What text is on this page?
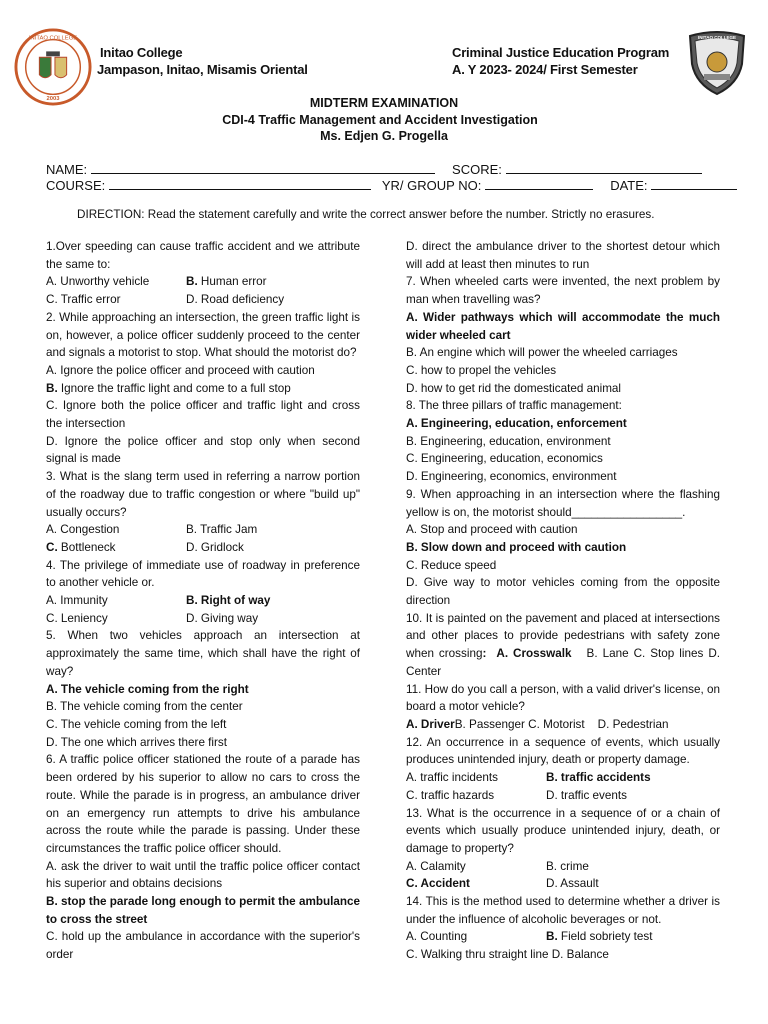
INITAO COLLEGE
2003
INITAO COLLEGE
Initao College
Jampason, Initao, Misamis Oriental
Criminal Justice Education Program
A. Y 2023- 2024/ First Semester
MIDTERM EXAMINATION
CDI-4 Traffic Management and Accident Investigation
Ms. Edjen G. Progella
NAME:	SCORE:
COURSE:	YR/ GROUP NO:	DATE:
DIRECTION: Read the statement carefully and write the correct answer before the number. Strictly no erasures.
1.Over speeding can cause traffic accident and we attribute the same to:
A. Unworthy vehicle	B. Human error
C. Traffic error	D. Road deficiency
2. While approaching an intersection, the green traffic light is on, however, a police officer suddenly proceed to the center and signals a motorist to stop. What should the motorist do?
A. Ignore the police officer and proceed with caution
B. Ignore the traffic light and come to a full stop
C. Ignore both the police officer and traffic light and cross the intersection
D. Ignore the police officer and stop only when second signal is made
3. What is the slang term used in referring a narrow portion of the roadway due to traffic congestion or where "build up" usually occurs?
A. Congestion	B. Traffic Jam
C. Bottleneck	D. Gridlock
4. The privilege of immediate use of roadway in preference to another vehicle or.
A. Immunity	B. Right of way
C. Leniency	D. Giving way
5. When two vehicles approach an intersection at approximately the same time, which shall have the right of way?
A. The vehicle coming from the right
B. The vehicle coming from the center
C. The vehicle coming from the left
D. The one which arrives there first
6. A traffic police officer stationed the route of a parade has been ordered by his superior to allow no cars to cross the route. While the parade is in progress, an ambulance driver on an emergency run attempts to drive his ambulance across the route while the parade is passing. Under these circumstances the traffic police officer should.
A. ask the driver to wait until the traffic police officer contact his superior and obtains decisions
B. stop the parade long enough to permit the ambulance to cross the street
C. hold up the ambulance in accordance with the superior's order
D. direct the ambulance driver to the shortest detour which will add at least then minutes to run
7. When wheeled carts were invented, the next problem by man when travelling was?
A. Wider pathways which will accommodate the much wider wheeled cart
B. An engine which will power the wheeled carriages
C. how to propel the vehicles
D. how to get rid the domesticated animal
8. The three pillars of traffic management:
A. Engineering, education, enforcement
B. Engineering, education, environment
C. Engineering, education, economics
D. Engineering, economics, environment
9. When approaching in an intersection where the flashing yellow is on, the motorist should_________________.
A. Stop and proceed with caution
B. Slow down and proceed with caution
C. Reduce speed
D. Give way to motor vehicles coming from the opposite direction
10. It is painted on the pavement and placed at intersections and other places to provide pedestrians with safety zone when crossing: A. Crosswalk B. Lane C. Stop lines D. Center
11. How do you call a person, with a valid driver's license, on board a motor vehicle?
A. DriverB. Passenger C. Motorist    D. Pedestrian
12. An occurrence in a sequence of events, which usually produces unintended injury, death or property damage.
A. traffic incidents	B. traffic accidents
C. traffic hazards	D. traffic events
13. What is the occurrence in a sequence of or a chain of events which usually produce unintended injury, death, or damage to property?
A. Calamity	B. crime
C. Accident	D. Assault
14. This is the method used to determine whether a driver is under the influence of alcoholic beverages or not.
A. Counting	B. Field sobriety test
C. Walking thru straight line D. Balance
